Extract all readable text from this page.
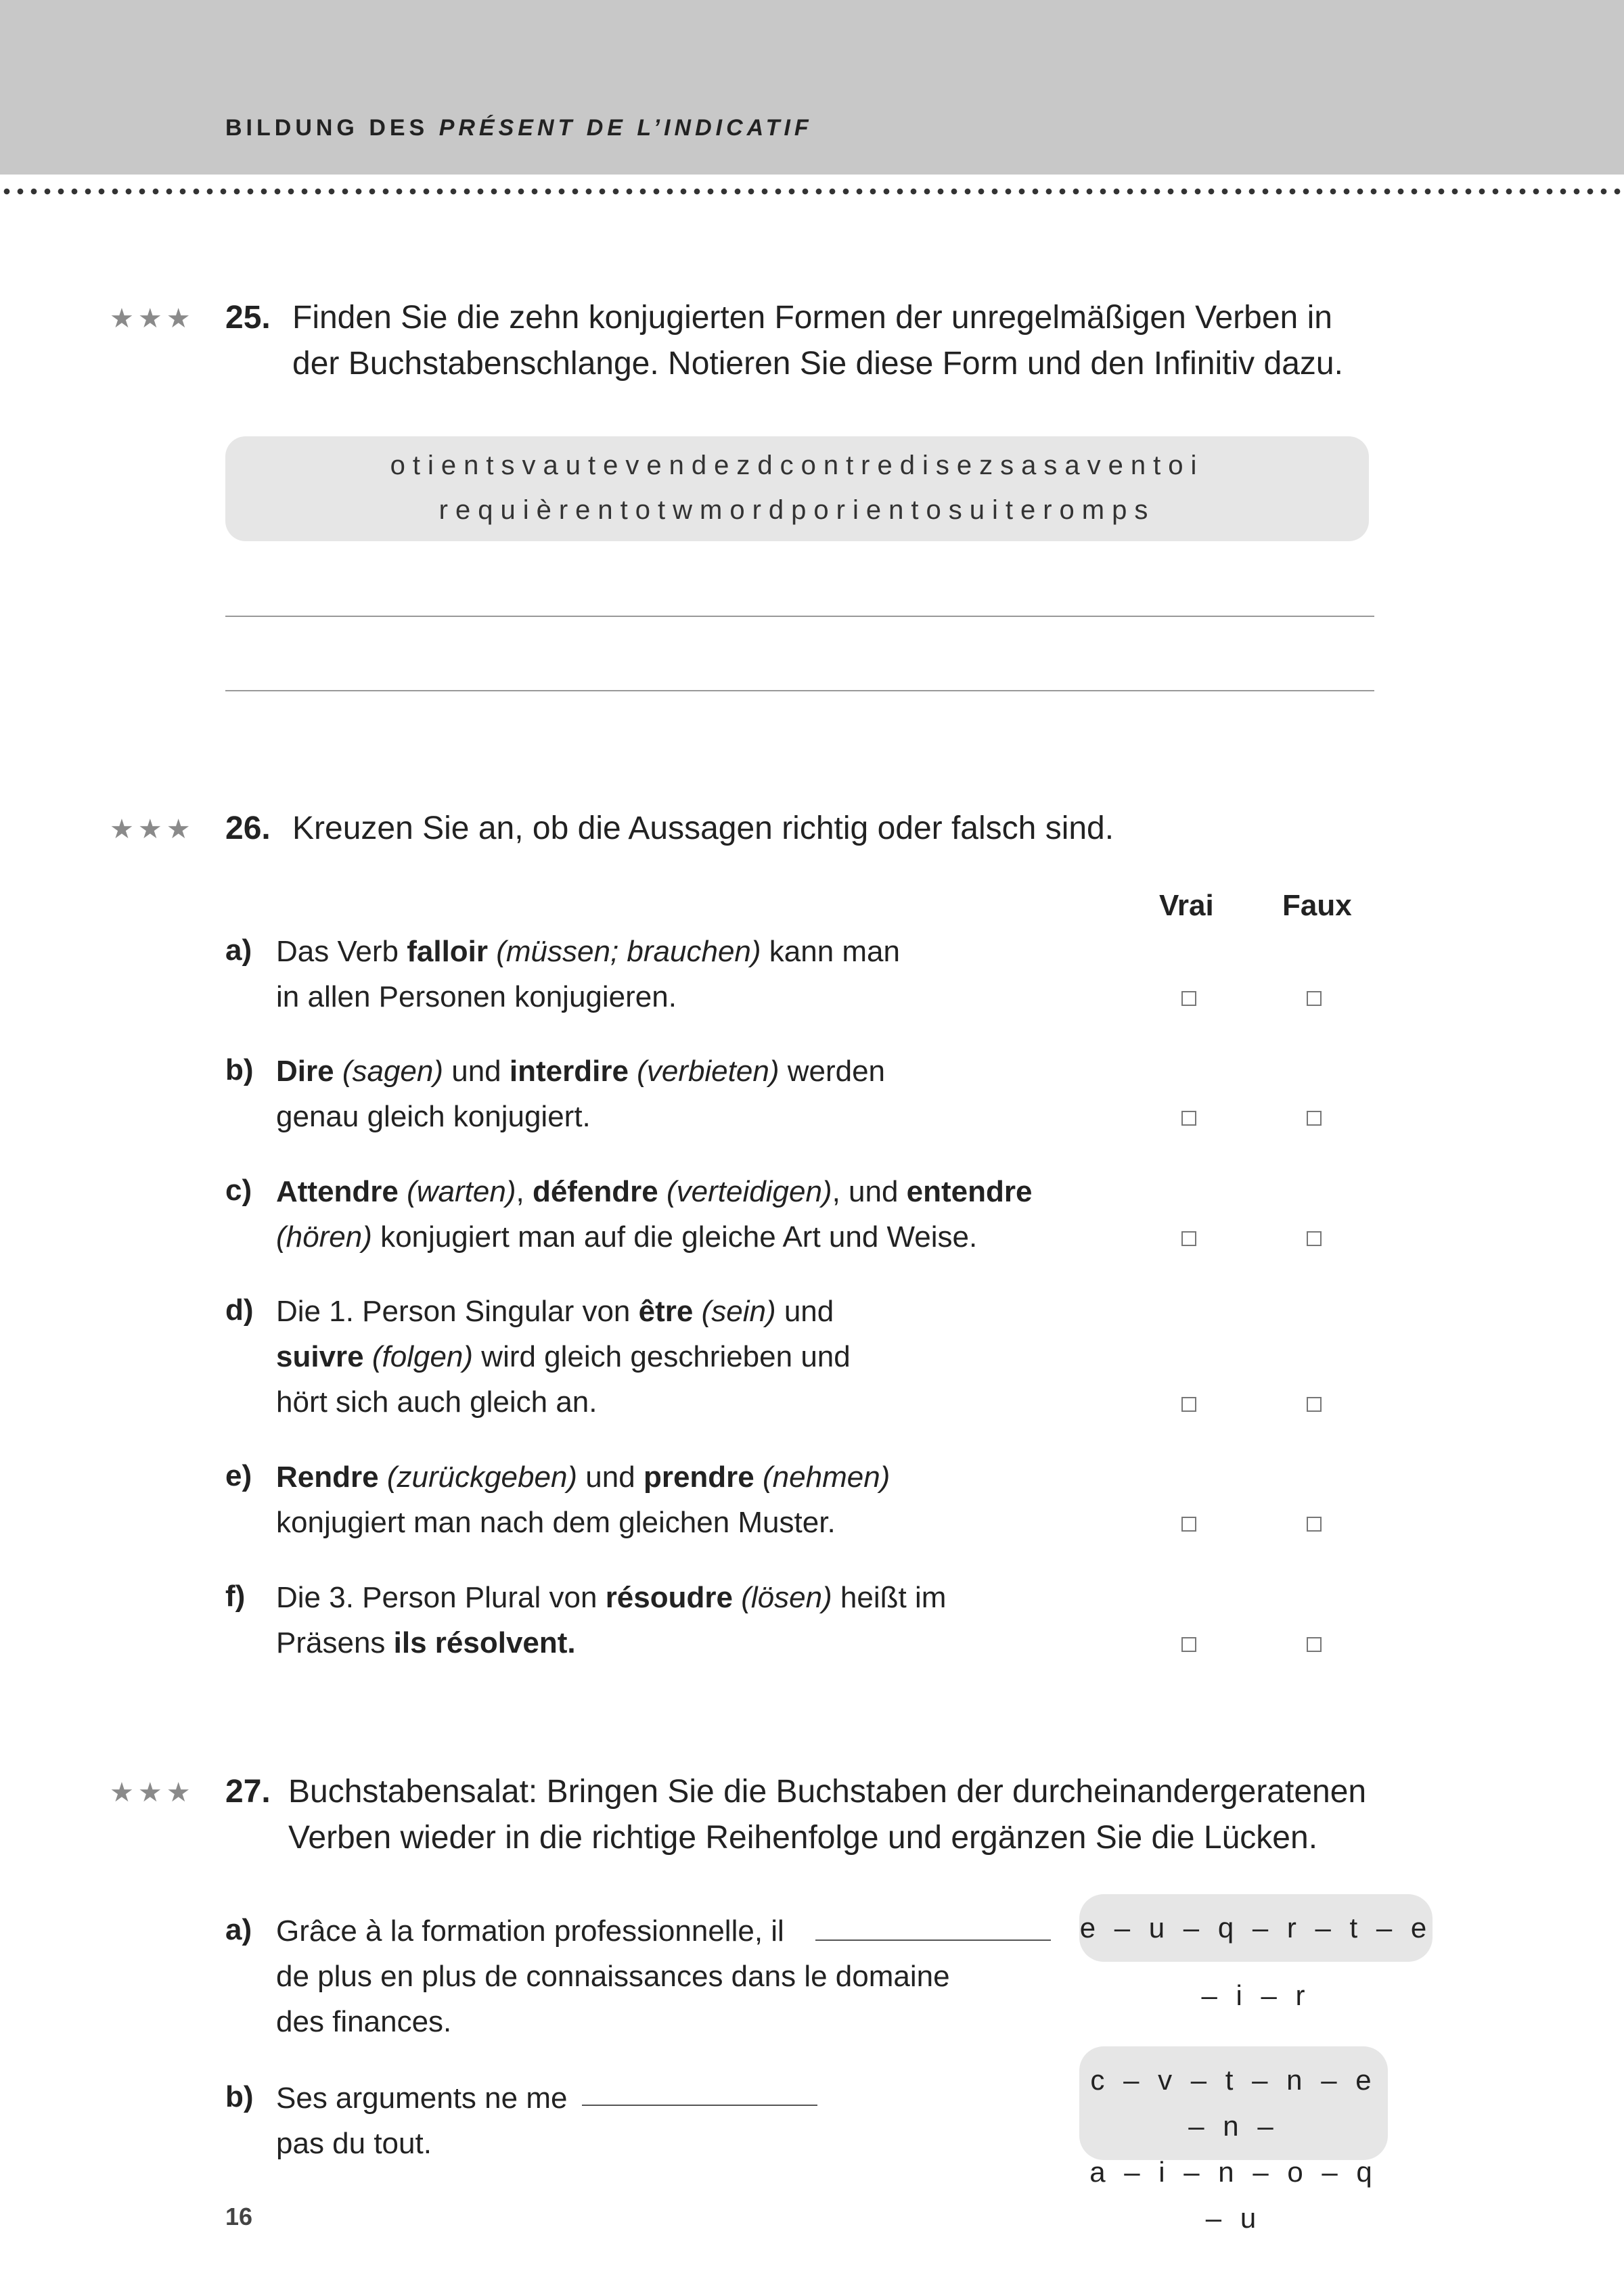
BILDUNG DES PRÉSENT DE L’INDICATIF
★★★ 25. Finden Sie die zehn konjugierten Formen der unregelmäßigen Verben in
der Buchstabenschlange. Notieren Sie diese Form und den Infinitiv dazu.
otientsvautevendezdcontredisezsasaventoi
requièrentotwmordporientosuiteromps
★★★ 26. Kreuzen Sie an, ob die Aussagen richtig oder falsch sind.
Vrai Faux
a) Das Verb falloir (müssen; brauchen) kann man
in allen Personen konjugieren.
b) Dire (sagen) und interdire (verbieten) werden
genau gleich konjugiert.
c) Attendre (warten), défendre (verteidigen), und entendre
(hören) konjugiert man auf die gleiche Art und Weise.
d) Die 1. Person Singular von être (sein) und
suivre (folgen) wird gleich geschrieben und
hört sich auch gleich an.
e) Rendre (zurückgeben) und prendre (nehmen)
konjugiert man nach dem gleichen Muster.
f) Die 3. Person Plural von résoudre (lösen) heißt im
Präsens ils résolvent.
★★★ 27. Buchstabensalat: Bringen Sie die Buchstaben der durcheinandergeratenen
Verben wieder in die richtige Reihenfolge und ergänzen Sie die Lücken.
a) Grâce à la formation professionnelle, il
de plus en plus de connaissances dans le domaine
des finances.
e – u – q – r – t – e – i – r
b) Ses arguments ne me
pas du tout.
c – v – t – n – e – n –
a – i – n – o – q – u
16
